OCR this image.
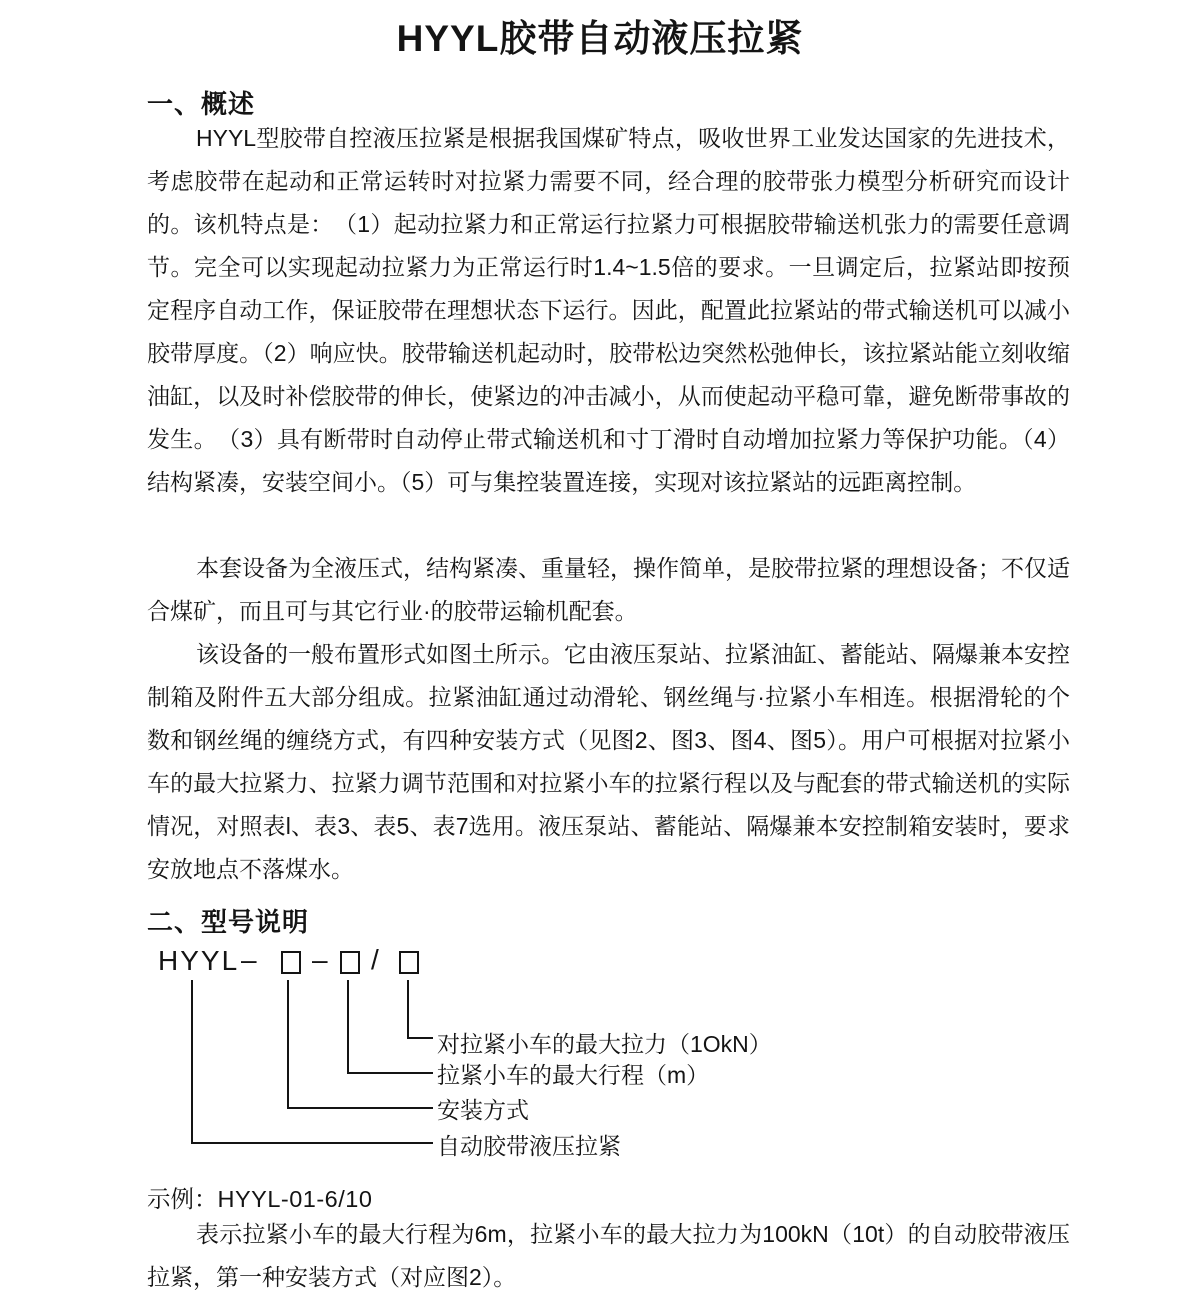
HYYL胶带自动液压拉紧
一、概述

HYYL型胶带自控液压拉紧是根据我国煤矿特点，吸收世界工业发达国家的先进技术，考虑胶带在起动和正常运转时对拉紧力需要不同，经合理的胶带张力模型分析研究而设计的。该机特点是：　（1）起动拉紧力和正常运行拉紧力可根据胶带输送机张力的需要任意调节。完全可以实现起动拉紧力为正常运行时1.4~1.5倍的要求。一旦调定后，拉紧站即按预定程序自动工作，保证胶带在理想状态下运行。因此，配置此拉紧站的带式输送机可以减小胶带厚度。（2）响应快。胶带输送机起动时，胶带松边突然松弛伸长，该拉紧站能立刻收缩油缸，以及时补偿胶带的伸长，使紧边的冲击减小，从而使起动平稳可靠，避免断带事故的发生。　（3）具有断带时自动停止带式输送机和寸丁滑时自动增加拉紧力等保护功能。（4）结构紧凑，安装空间小。（5）可与集控装置连接，实现对该拉紧站的远距离控制。

本套设备为全液压式，结构紧凑、重量轻，操作简单，是胶带拉紧的理想设备；不仅适合煤矿，而且可与其它行业·的胶带运输机配套。

该设备的一般布置形式如图土所示。它由液压泵站、拉紧油缸、蓄能站、隔爆兼本安控制箱及附件五大部分组成。拉紧油缸通过动滑轮、钢丝绳与·拉紧小车相连。根据滑轮的个数和钢丝绳的缠绕方式，有四种安装方式（见图2、图3、图4、图5）。用户可根据对拉紧小车的最大拉紧力、拉紧力调节范围和对拉紧小车的拉紧行程以及与配套的带式输送机的实际情况，对照表l、表3、表5、表7选用。液压泵站、蓄能站、隔爆兼本安控制箱安装时，要求安放地点不落煤水。

二、型号说明
HYYL – – /

对拉紧小车的最大拉力（1OkN）

拉紧小车的最大行程（m）

安装方式

自动胶带液压拉紧

示例：HYYL-01-6/10

表示拉紧小车的最大行程为6m，拉紧小车的最大拉力为100kN（10t）的自动胶带液压拉紧，第一种安装方式（对应图2）。
